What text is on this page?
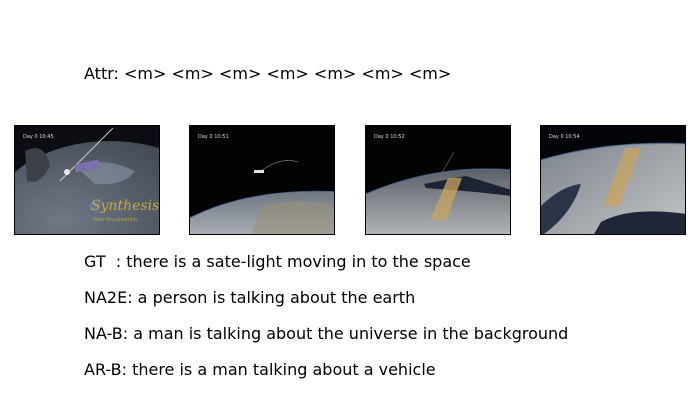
Attr: <m> <m> <m> <m> <m> <m> <m>
Day 0 10:45
Synthesis
Web Visualization
Day 0 10:51	Day 0 10:52	Day 0 10:54
GT  : there is a sate-light moving in to the space
NA2E: a person is talking about the earth
NA-B: a man is talking about the universe in the background
AR-B: there is a man talking about a vehicle
